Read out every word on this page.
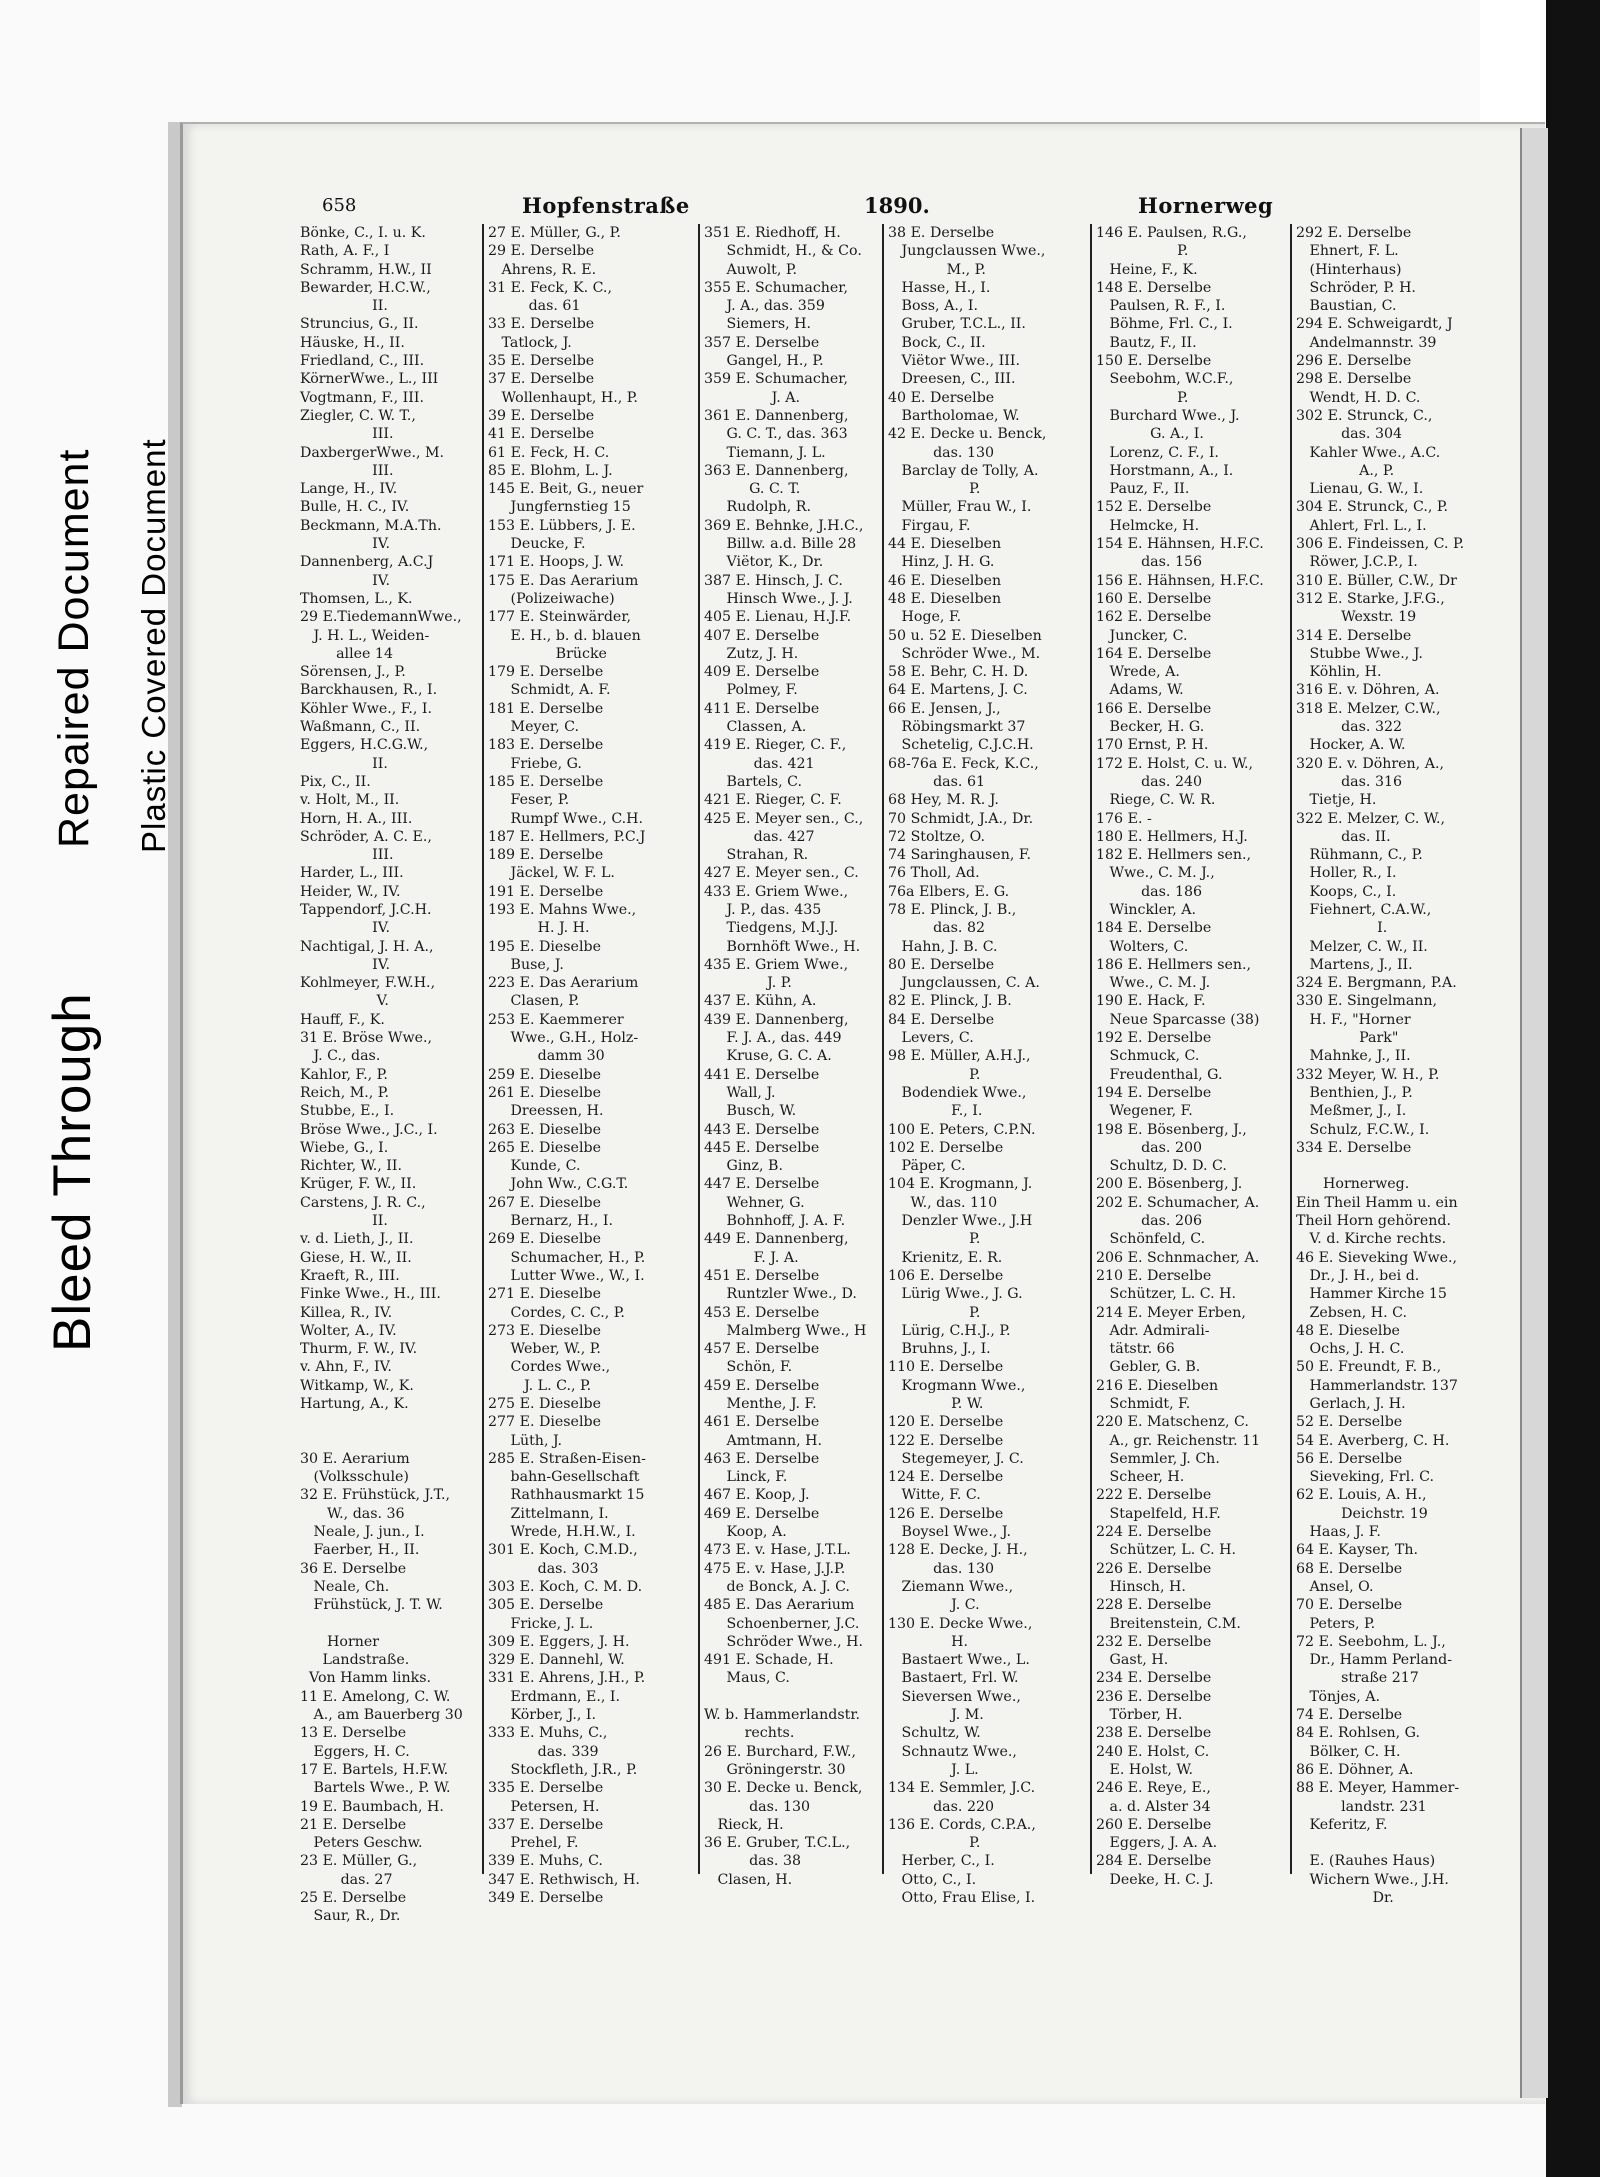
Bleed Through
Repaired Document Plastic Covered Document
658	Hopfenstraße	1890.	Hornerweg
Bönke, C., I. u. K.
Rath, A. F., I
Schramm, H.W., II
Bewarder, H.C.W.,
II.
Struncius, G., II.
Häuske, H., II.
Friedland, C., III.
KörnerWwe., L., III
Vogtmann, F., III.
Ziegler, C. W. T.,
III.
DaxbergerWwe., M.
III.
Lange, H., IV.
Bulle, H. C., IV.
Beckmann, M.A.Th.
IV.
Dannenberg, A.C.J
IV.
Thomsen, L., K.
29 E.TiedemannWwe.,
J. H. L., Weiden-
allee 14
Sörensen, J., P.
Barckhausen, R., I.
Köhler Wwe., F., I.
Waßmann, C., II.
Eggers, H.C.G.W.,
II.
Pix, C., II.
v. Holt, M., II.
Horn, H. A., III.
Schröder, A. C. E.,
III.
Harder, L., III.
Heider, W., IV.
Tappendorf, J.C.H.
IV.
Nachtigal, J. H. A.,
IV.
Kohlmeyer, F.W.H.,
V.
Hauff, F., K.
31 E. Bröse Wwe.,
J. C., das.
Kahlor, F., P.
Reich, M., P.
Stubbe, E., I.
Bröse Wwe., J.C., I.
Wiebe, G., I.
Richter, W., II.
Krüger, F. W., II.
Carstens, J. R. C.,
II.
v. d. Lieth, J., II.
Giese, H. W., II.
Kraeft, R., III.
Finke Wwe., H., III.
Killea, R., IV.
Wolter, A., IV.
Thurm, F. W., IV.
v. Ahn, F., IV.
Witkamp, W., K.
Hartung, A., K.
30 E. Aerarium
(Volksschule)
32 E. Frühstück, J.T.,
W., das. 36
Neale, J. jun., I.
Faerber, H., II.
36 E. Derselbe
Neale, Ch.
Frühstück, J. T. W.
Horner
Landstraße.
Von Hamm links.
11 E. Amelong, C. W.
A., am Bauerberg 30
13 E. Derselbe
Eggers, H. C.
17 E. Bartels, H.F.W.
Bartels Wwe., P. W.
19 E. Baumbach, H.
21 E. Derselbe
Peters Geschw.
23 E. Müller, G.,
das. 27
25 E. Derselbe
Saur, R., Dr.
27 E. Müller, G., P.
29 E. Derselbe
Ahrens, R. E.
31 E. Feck, K. C.,
das. 61
33 E. Derselbe
Tatlock, J.
35 E. Derselbe
37 E. Derselbe
Wollenhaupt, H., P.
39 E. Derselbe
41 E. Derselbe
61 E. Feck, H. C.
85 E. Blohm, L. J.
145 E. Beit, G., neuer
Jungfernstieg 15
153 E. Lübbers, J. E.
Deucke, F.
171 E. Hoops, J. W.
175 E. Das Aerarium
(Polizeiwache)
177 E. Steinwärder,
E. H., b. d. blauen
Brücke
179 E. Derselbe
Schmidt, A. F.
181 E. Derselbe
Meyer, C.
183 E. Derselbe
Friebe, G.
185 E. Derselbe
Feser, P.
Rumpf Wwe., C.H.
187 E. Hellmers, P.C.J
189 E. Derselbe
Jäckel, W. F. L.
191 E. Derselbe
193 E. Mahns Wwe.,
H. J. H.
195 E. Dieselbe
Buse, J.
223 E. Das Aerarium
Clasen, P.
253 E. Kaemmerer
Wwe., G.H., Holz-
damm 30
259 E. Dieselbe
261 E. Dieselbe
Dreessen, H.
263 E. Dieselbe
265 E. Dieselbe
Kunde, C.
John Ww., C.G.T.
267 E. Dieselbe
Bernarz, H., I.
269 E. Dieselbe
Schumacher, H., P.
Lutter Wwe., W., I.
271 E. Dieselbe
Cordes, C. C., P.
273 E. Dieselbe
Weber, W., P.
Cordes Wwe.,
J. L. C., P.
275 E. Dieselbe
277 E. Dieselbe
Lüth, J.
285 E. Straßen-Eisen-
bahn-Gesellschaft
Rathhausmarkt 15
Zittelmann, I.
Wrede, H.H.W., I.
301 E. Koch, C.M.D.,
das. 303
303 E. Koch, C. M. D.
305 E. Derselbe
Fricke, J. L.
309 E. Eggers, J. H.
329 E. Dannehl, W.
331 E. Ahrens, J.H., P.
Erdmann, E., I.
Körber, J., I.
333 E. Muhs, C.,
das. 339
Stockfleth, J.R., P.
335 E. Derselbe
Petersen, H.
337 E. Derselbe
Prehel, F.
339 E. Muhs, C.
347 E. Rethwisch, H.
349 E. Derselbe
351 E. Riedhoff, H.
Schmidt, H., & Co.
Auwolt, P.
355 E. Schumacher,
J. A., das. 359
Siemers, H.
357 E. Derselbe
Gangel, H., P.
359 E. Schumacher,
J. A.
361 E. Dannenberg,
G. C. T., das. 363
Tiemann, J. L.
363 E. Dannenberg,
G. C. T.
Rudolph, R.
369 E. Behnke, J.H.C.,
Billw. a.d. Bille 28
Viëtor, K., Dr.
387 E. Hinsch, J. C.
Hinsch Wwe., J. J.
405 E. Lienau, H.J.F.
407 E. Derselbe
Zutz, J. H.
409 E. Derselbe
Polmey, F.
411 E. Derselbe
Classen, A.
419 E. Rieger, C. F.,
das. 421
Bartels, C.
421 E. Rieger, C. F.
425 E. Meyer sen., C.,
das. 427
Strahan, R.
427 E. Meyer sen., C.
433 E. Griem Wwe.,
J. P., das. 435
Tiedgens, M.J.J.
Bornhöft Wwe., H.
435 E. Griem Wwe.,
J. P.
437 E. Kühn, A.
439 E. Dannenberg,
F. J. A., das. 449
Kruse, G. C. A.
441 E. Derselbe
Wall, J.
Busch, W.
443 E. Derselbe
445 E. Derselbe
Ginz, B.
447 E. Derselbe
Wehner, G.
Bohnhoff, J. A. F.
449 E. Dannenberg,
F. J. A.
451 E. Derselbe
Runtzler Wwe., D.
453 E. Derselbe
Malmberg Wwe., H
457 E. Derselbe
Schön, F.
459 E. Derselbe
Menthe, J. F.
461 E. Derselbe
Amtmann, H.
463 E. Derselbe
Linck, F.
467 E. Koop, J.
469 E. Derselbe
Koop, A.
473 E. v. Hase, J.T.L.
475 E. v. Hase, J.J.P.
de Bonck, A. J. C.
485 E. Das Aerarium
Schoenberner, J.C.
Schröder Wwe., H.
491 E. Schade, H.
Maus, C.
W. b. Hammerlandstr.
rechts.
26 E. Burchard, F.W.,
Gröningerstr. 30
30 E. Decke u. Benck,
das. 130
Rieck, H.
36 E. Gruber, T.C.L.,
das. 38
Clasen, H.
38 E. Derselbe
Jungclaussen Wwe.,
M., P.
Hasse, H., I.
Boss, A., I.
Gruber, T.C.L., II.
Bock, C., II.
Viëtor Wwe., III.
Dreesen, C., III.
40 E. Derselbe
Bartholomae, W.
42 E. Decke u. Benck,
das. 130
Barclay de Tolly, A.
P.
Müller, Frau W., I.
Firgau, F.
44 E. Dieselben
Hinz, J. H. G.
46 E. Dieselben
48 E. Dieselben
Hoge, F.
50 u. 52 E. Dieselben
Schröder Wwe., M.
58 E. Behr, C. H. D.
64 E. Martens, J. C.
66 E. Jensen, J.,
Röbingsmarkt 37
Schetelig, C.J.C.H.
68-76a E. Feck, K.C.,
das. 61
68 Hey, M. R. J.
70 Schmidt, J.A., Dr.
72 Stoltze, O.
74 Saringhausen, F.
76 Tholl, Ad.
76a Elbers, E. G.
78 E. Plinck, J. B.,
das. 82
Hahn, J. B. C.
80 E. Derselbe
Jungclaussen, C. A.
82 E. Plinck, J. B.
84 E. Derselbe
Levers, C.
98 E. Müller, A.H.J.,
P.
Bodendiek Wwe.,
F., I.
100 E. Peters, C.P.N.
102 E. Derselbe
Päper, C.
104 E. Krogmann, J.
W., das. 110
Denzler Wwe., J.H
P.
Krienitz, E. R.
106 E. Derselbe
Lürig Wwe., J. G.
P.
Lürig, C.H.J., P.
Bruhns, J., I.
110 E. Derselbe
Krogmann Wwe.,
P. W.
120 E. Derselbe
122 E. Derselbe
Stegemeyer, J. C.
124 E. Derselbe
Witte, F. C.
126 E. Derselbe
Boysel Wwe., J.
128 E. Decke, J. H.,
das. 130
Ziemann Wwe.,
J. C.
130 E. Decke Wwe.,
H.
Bastaert Wwe., L.
Bastaert, Frl. W.
Sieversen Wwe.,
J. M.
Schultz, W.
Schnautz Wwe.,
J. L.
134 E. Semmler, J.C.
das. 220
136 E. Cords, C.P.A.,
P.
Herber, C., I.
Otto, C., I.
Otto, Frau Elise, I.
146 E. Paulsen, R.G.,
P.
Heine, F., K.
148 E. Derselbe
Paulsen, R. F., I.
Böhme, Frl. C., I.
Bautz, F., II.
150 E. Derselbe
Seebohm, W.C.F.,
P.
Burchard Wwe., J.
G. A., I.
Lorenz, C. F., I.
Horstmann, A., I.
Pauz, F., II.
152 E. Derselbe
Helmcke, H.
154 E. Hähnsen, H.F.C.
das. 156
156 E. Hähnsen, H.F.C.
160 E. Derselbe
162 E. Derselbe
Juncker, C.
164 E. Derselbe
Wrede, A.
Adams, W.
166 E. Derselbe
Becker, H. G.
170 Ernst, P. H.
172 E. Holst, C. u. W.,
das. 240
Riege, C. W. R.
176 E. -
180 E. Hellmers, H.J.
182 E. Hellmers sen.,
Wwe., C. M. J.,
das. 186
Winckler, A.
184 E. Derselbe
Wolters, C.
186 E. Hellmers sen.,
Wwe., C. M. J.
190 E. Hack, F.
Neue Sparcasse (38)
192 E. Derselbe
Schmuck, C.
Freudenthal, G.
194 E. Derselbe
Wegener, F.
198 E. Bösenberg, J.,
das. 200
Schultz, D. D. C.
200 E. Bösenberg, J.
202 E. Schumacher, A.
das. 206
Schönfeld, C.
206 E. Schnmacher, A.
210 E. Derselbe
Schützer, L. C. H.
214 E. Meyer Erben,
Adr. Admirali-
tätstr. 66
Gebler, G. B.
216 E. Dieselben
Schmidt, F.
220 E. Matschenz, C.
A., gr. Reichenstr. 11
Semmler, J. Ch.
Scheer, H.
222 E. Derselbe
Stapelfeld, H.F.
224 E. Derselbe
Schützer, L. C. H.
226 E. Derselbe
Hinsch, H.
228 E. Derselbe
Breitenstein, C.M.
232 E. Derselbe
Gast, H.
234 E. Derselbe
236 E. Derselbe
Törber, H.
238 E. Derselbe
240 E. Holst, C.
E. Holst, W.
246 E. Reye, E.,
a. d. Alster 34
260 E. Derselbe
Eggers, J. A. A.
284 E. Derselbe
Deeke, H. C. J.
292 E. Derselbe
Ehnert, F. L.
(Hinterhaus)
Schröder, P. H.
Baustian, C.
294 E. Schweigardt, J
Andelmannstr. 39
296 E. Derselbe
298 E. Derselbe
Wendt, H. D. C.
302 E. Strunck, C.,
das. 304
Kahler Wwe., A.C.
A., P.
Lienau, G. W., I.
304 E. Strunck, C., P.
Ahlert, Frl. L., I.
306 E. Findeissen, C. P.
Röwer, J.C.P., I.
310 E. Büller, C.W., Dr
312 E. Starke, J.F.G.,
Wexstr. 19
314 E. Derselbe
Stubbe Wwe., J.
Köhlin, H.
316 E. v. Döhren, A.
318 E. Melzer, C.W.,
das. 322
Hocker, A. W.
320 E. v. Döhren, A.,
das. 316
Tietje, H.
322 E. Melzer, C. W.,
das. II.
Rühmann, C., P.
Holler, R., I.
Koops, C., I.
Fiehnert, C.A.W.,
I.
Melzer, C. W., II.
Martens, J., II.
324 E. Bergmann, P.A.
330 E. Singelmann,
H. F., "Horner
Park"
Mahnke, J., II.
332 Meyer, W. H., P.
Benthien, J., P.
Meßmer, J., I.
Schulz, F.C.W., I.
334 E. Derselbe
Hornerweg.
Ein Theil Hamm u. ein
Theil Horn gehörend.
V. d. Kirche rechts.
46 E. Sieveking Wwe.,
Dr., J. H., bei d.
Hammer Kirche 15
Zebsen, H. C.
48 E. Dieselbe
Ochs, J. H. C.
50 E. Freundt, F. B.,
Hammerlandstr. 137
Gerlach, J. H.
52 E. Derselbe
54 E. Averberg, C. H.
56 E. Derselbe
Sieveking, Frl. C.
62 E. Louis, A. H.,
Deichstr. 19
Haas, J. F.
64 E. Kayser, Th.
68 E. Derselbe
Ansel, O.
70 E. Derselbe
Peters, P.
72 E. Seebohm, L. J.,
Dr., Hamm Perland-
straße 217
Tönjes, A.
74 E. Derselbe
84 E. Rohlsen, G.
Bölker, C. H.
86 E. Döhner, A.
88 E. Meyer, Hammer-
landstr. 231
Keferitz, F.
E. (Rauhes Haus)
Wichern Wwe., J.H.
Dr.
